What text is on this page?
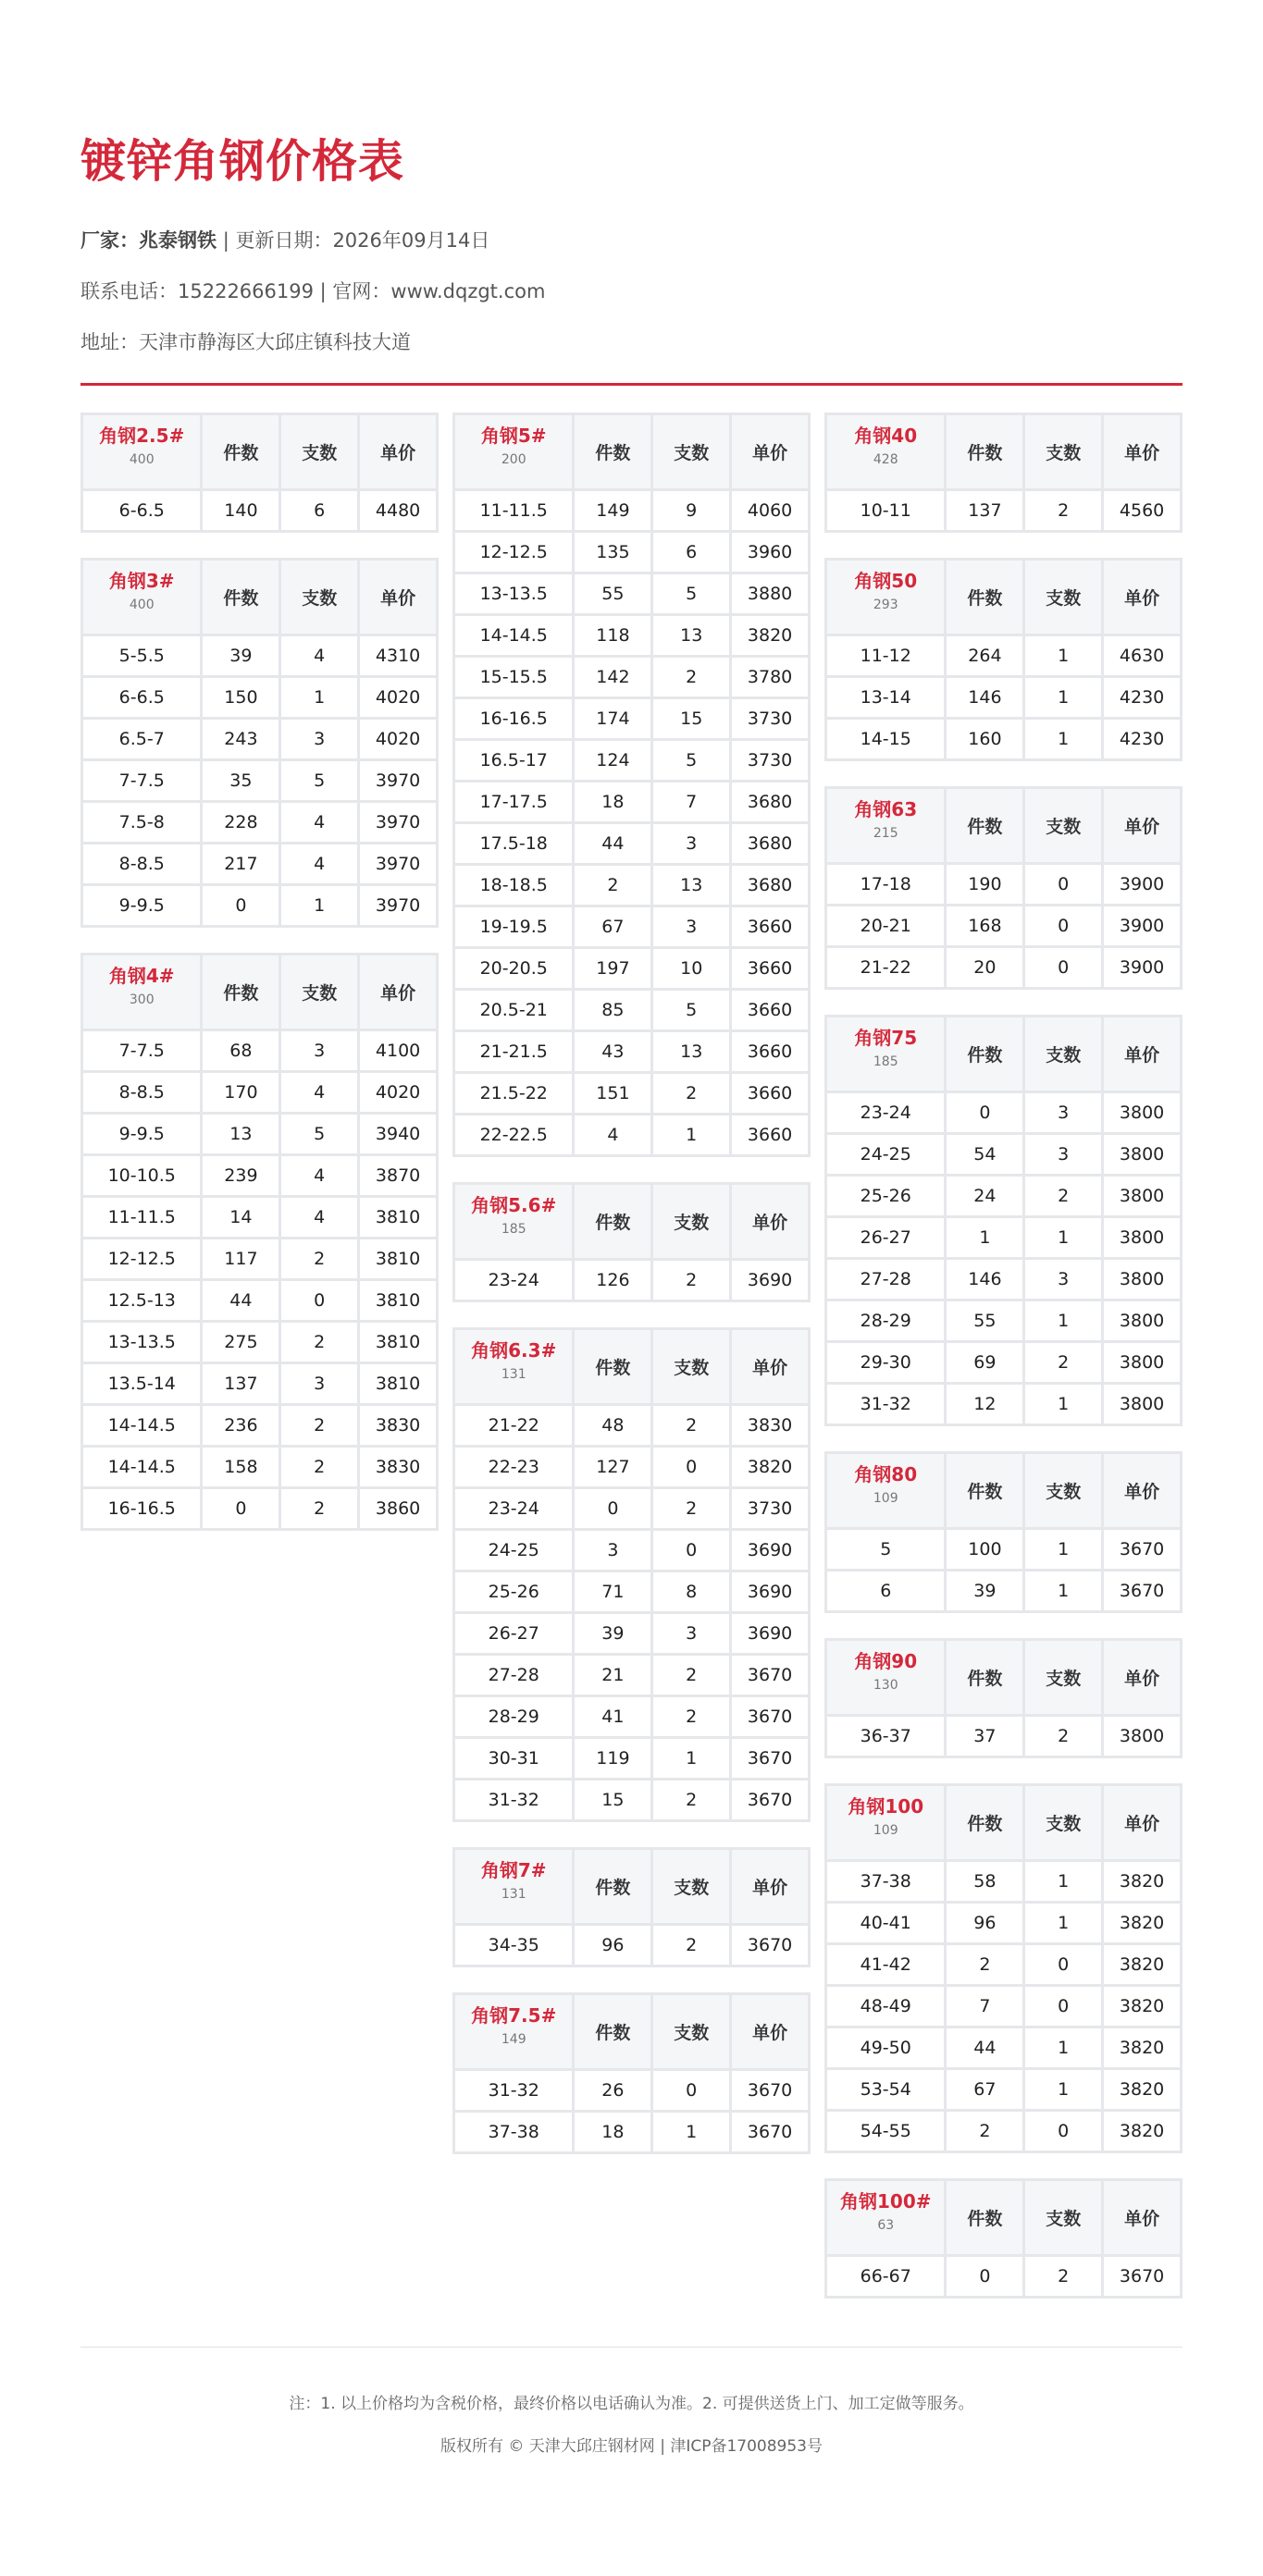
镀锌角钢价格表
厂家：兆泰钢铁 | 更新日期：2026年09月14日
联系电话：15222666199 | 官网：www.dqzgt.com
地址：天津市静海区大邱庄镇科技大道
角钢2.5#
400	件数	支数	单价
6-6.5	140	6	4480
角钢3#
400	件数	支数	单价
5-5.5	39	4	4310
6-6.5	150	1	4020
6.5-7	243	3	4020
7-7.5	35	5	3970
7.5-8	228	4	3970
8-8.5	217	4	3970
9-9.5	0	1	3970
角钢4#
300	件数	支数	单价
7-7.5	68	3	4100
8-8.5	170	4	4020
9-9.5	13	5	3940
10-10.5	239	4	3870
11-11.5	14	4	3810
12-12.5	117	2	3810
12.5-13	44	0	3810
13-13.5	275	2	3810
13.5-14	137	3	3810
14-14.5	236	2	3830
14-14.5	158	2	3830
16-16.5	0	2	3860
角钢5#
200	件数	支数	单价
11-11.5	149	9	4060
12-12.5	135	6	3960
13-13.5	55	5	3880
14-14.5	118	13	3820
15-15.5	142	2	3780
16-16.5	174	15	3730
16.5-17	124	5	3730
17-17.5	18	7	3680
17.5-18	44	3	3680
18-18.5	2	13	3680
19-19.5	67	3	3660
20-20.5	197	10	3660
20.5-21	85	5	3660
21-21.5	43	13	3660
21.5-22	151	2	3660
22-22.5	4	1	3660
角钢5.6#
185	件数	支数	单价
23-24	126	2	3690
角钢6.3#
131	件数	支数	单价
21-22	48	2	3830
22-23	127	0	3820
23-24	0	2	3730
24-25	3	0	3690
25-26	71	8	3690
26-27	39	3	3690
27-28	21	2	3670
28-29	41	2	3670
30-31	119	1	3670
31-32	15	2	3670
角钢7#
131	件数	支数	单价
34-35	96	2	3670
角钢7.5#
149	件数	支数	单价
31-32	26	0	3670
37-38	18	1	3670
角钢40
428	件数	支数	单价
10-11	137	2	4560
角钢50
293	件数	支数	单价
11-12	264	1	4630
13-14	146	1	4230
14-15	160	1	4230
角钢63
215	件数	支数	单价
17-18	190	0	3900
20-21	168	0	3900
21-22	20	0	3900
角钢75
185	件数	支数	单价
23-24	0	3	3800
24-25	54	3	3800
25-26	24	2	3800
26-27	1	1	3800
27-28	146	3	3800
28-29	55	1	3800
29-30	69	2	3800
31-32	12	1	3800
角钢80
109	件数	支数	单价
5	100	1	3670
6	39	1	3670
角钢90
130	件数	支数	单价
36-37	37	2	3800
角钢100
109	件数	支数	单价
37-38	58	1	3820
40-41	96	1	3820
41-42	2	0	3820
48-49	7	0	3820
49-50	44	1	3820
53-54	67	1	3820
54-55	2	0	3820
角钢100#
63	件数	支数	单价
66-67	0	2	3670
注：1. 以上价格均为含税价格，最终价格以电话确认为准。2. 可提供送货上门、加工定做等服务。
版权所有 © 天津大邱庄钢材网 | 津ICP备17008953号
